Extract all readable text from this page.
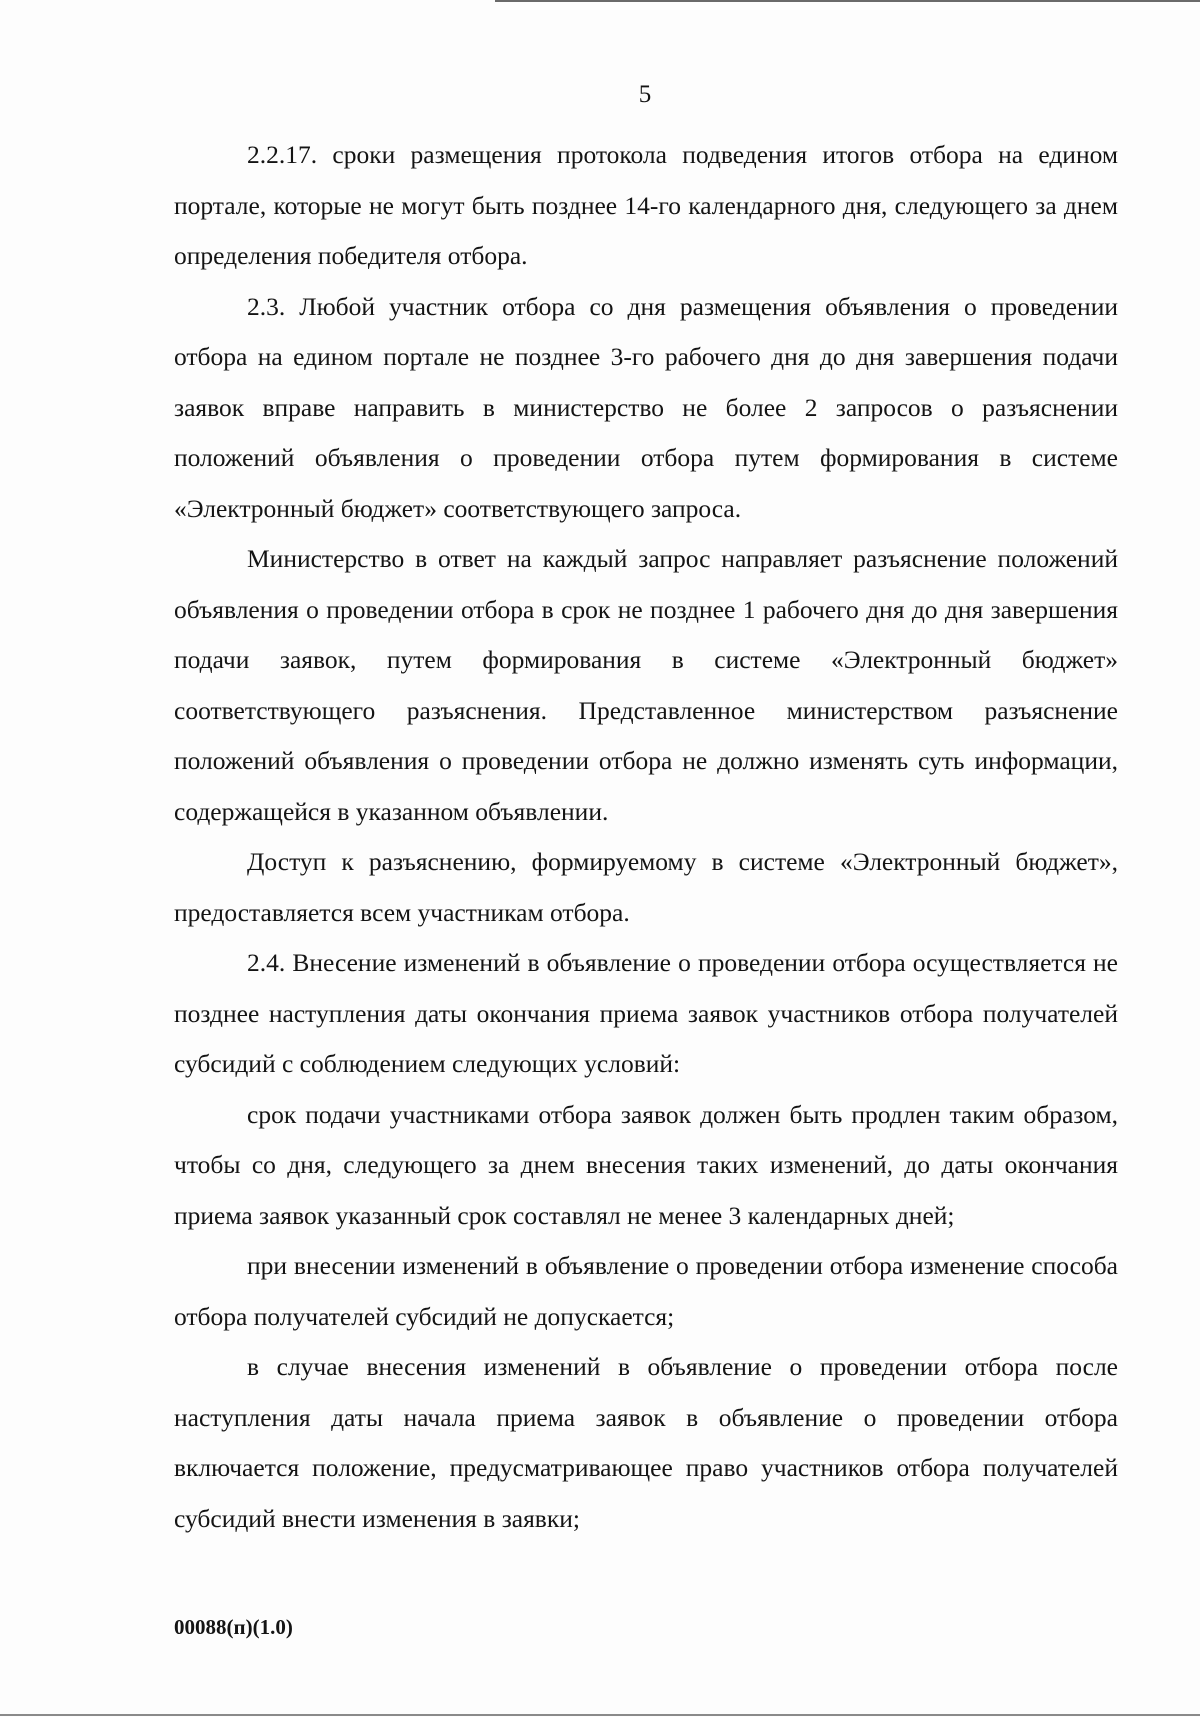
5

2.2.17. сроки размещения протокола подведения итогов отбора на едином портале, которые не могут быть позднее 14-го календарного дня, следующего за днем определения победителя отбора.

2.3. Любой участник отбора со дня размещения объявления о проведении отбора на едином портале не позднее 3-го рабочего дня до дня завершения подачи заявок вправе направить в министерство не более 2 запросов о разъяснении положений объявления о проведении отбора путем формирования в системе «Электронный бюджет» соответствующего запроса.

Министерство в ответ на каждый запрос направляет разъяснение положений объявления о проведении отбора в срок не позднее 1 рабочего дня до дня завершения подачи заявок, путем формирования в системе «Электронный бюджет» соответствующего разъяснения. Представленное министерством разъяснение положений объявления о проведении отбора не должно изменять суть информации, содержащейся в указанном объявлении.

Доступ к разъяснению, формируемому в системе «Электронный бюджет», предоставляется всем участникам отбора.

2.4. Внесение изменений в объявление о проведении отбора осуществляется не позднее наступления даты окончания приема заявок участников отбора получателей субсидий с соблюдением следующих условий:

срок подачи участниками отбора заявок должен быть продлен таким образом, чтобы со дня, следующего за днем внесения таких изменений, до даты окончания приема заявок указанный срок составлял не менее 3 календарных дней;

при внесении изменений в объявление о проведении отбора изменение способа отбора получателей субсидий не допускается;

в случае внесения изменений в объявление о проведении отбора после наступления даты начала приема заявок в объявление о проведении отбора включается положение, предусматривающее право участников отбора получателей субсидий внести изменения в заявки;

00088(п)(1.0)
